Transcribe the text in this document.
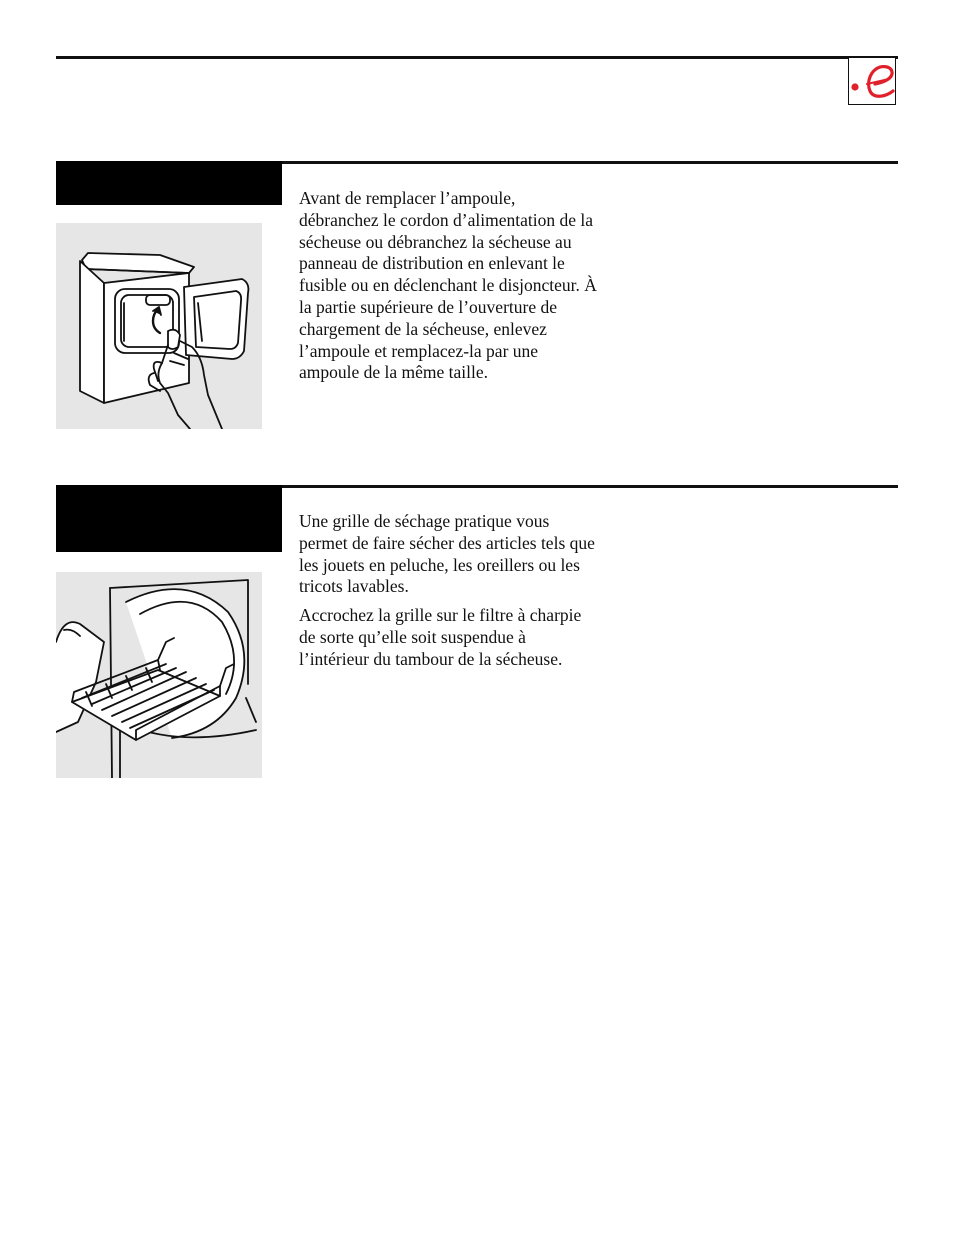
Avant de remplacer l’ampoule, débranchez le cordon d’alimentation de la sécheuse ou débranchez la sécheuse au panneau de distribution en enlevant le fusible ou en déclenchant le disjoncteur. À la partie supérieure de l’ouverture de chargement de la sécheuse, enlevez l’ampoule et remplacez-la par une ampoule de la même taille.

Une grille de séchage pratique vous permet de faire sécher des articles tels que les jouets en peluche, les oreillers ou les tricots lavables.

Accrochez la grille sur le filtre à charpie de sorte qu’elle soit suspendue à l’intérieur du tambour de la sécheuse.
